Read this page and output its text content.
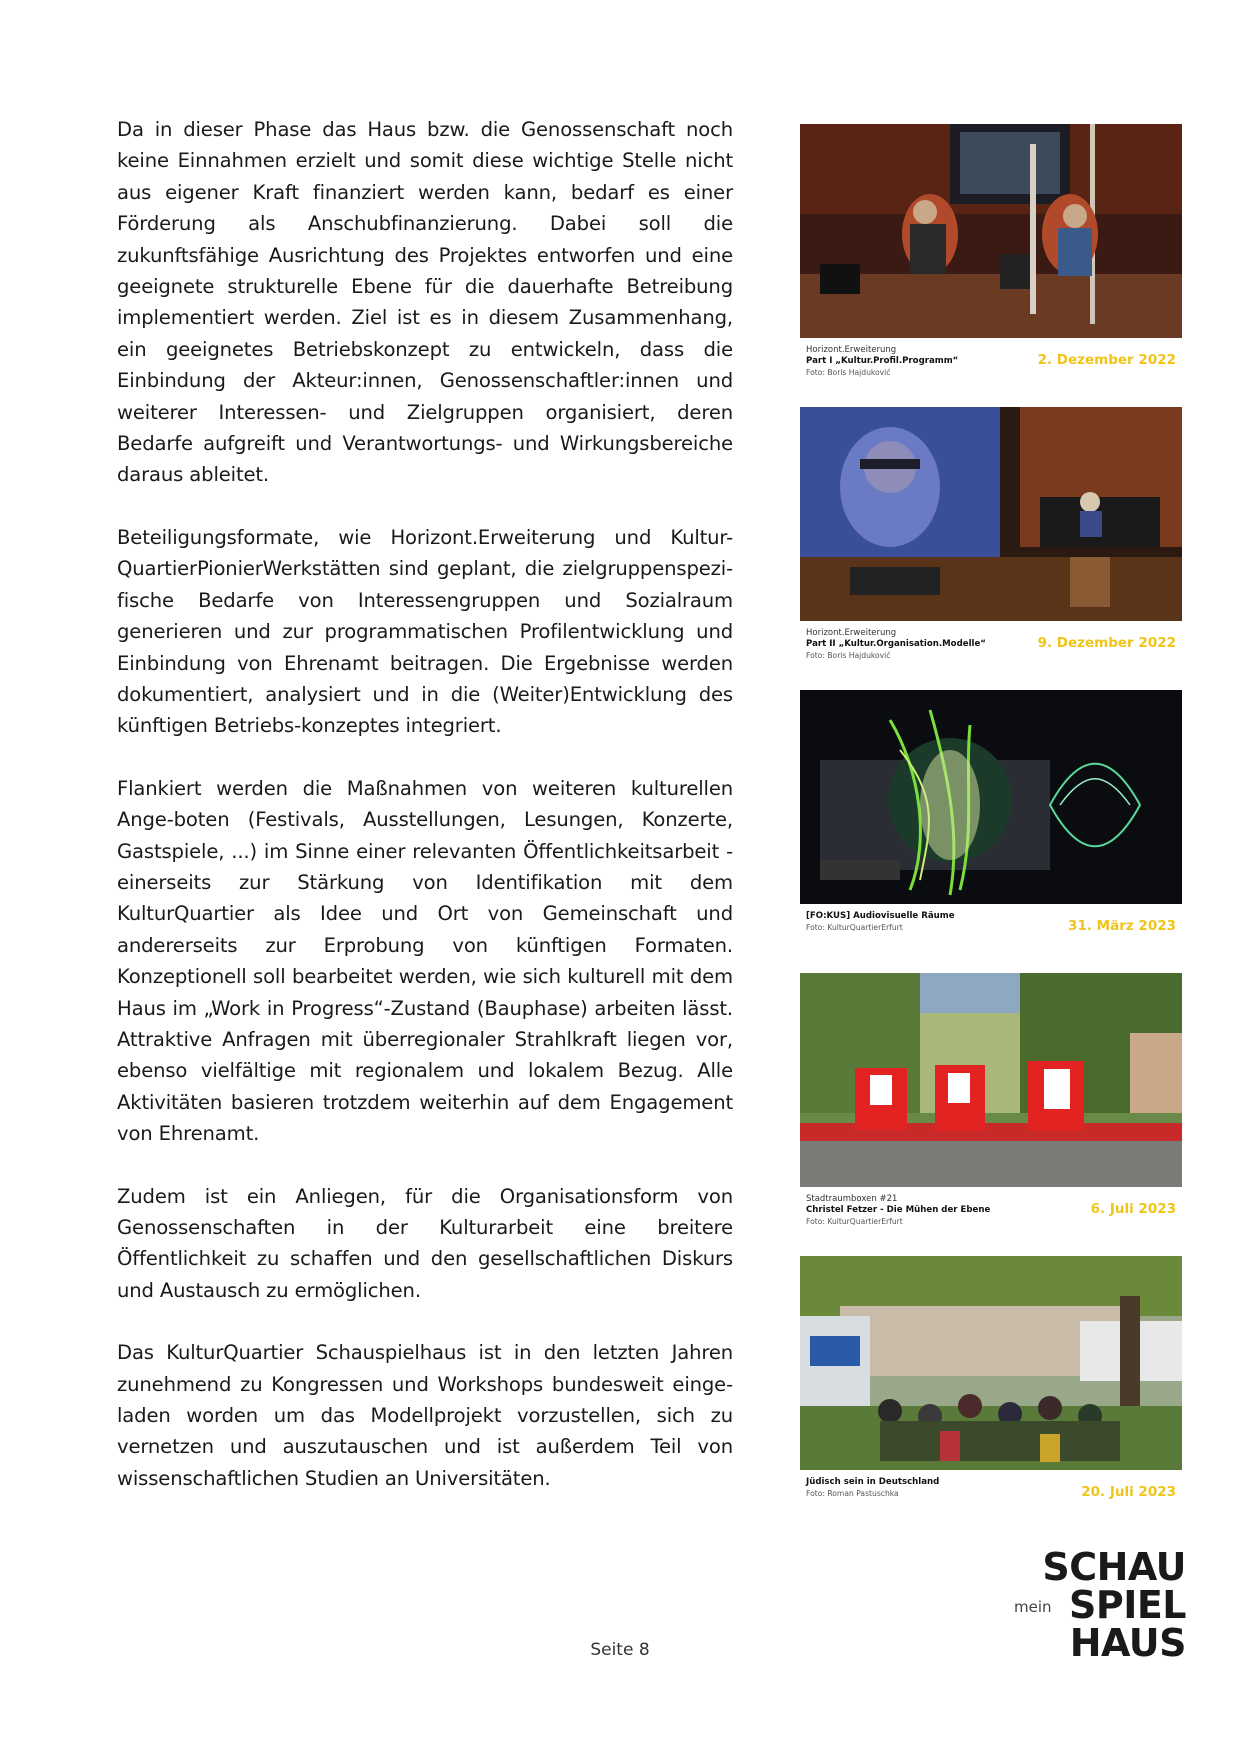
Da in dieser Phase das Haus bzw. die Genossenschaft noch keine Einnahmen erzielt und somit diese wichtige Stelle nicht aus eigener Kraft finanziert werden kann, bedarf es einer Förderung als Anschubfinanzierung. Dabei soll die zukunftsfähige Ausrichtung des Projektes entworfen und eine geeignete strukturelle Ebene für die dauerhafte Betreibung implementiert werden. Ziel ist es in diesem Zusammenhang, ein geeignetes Betriebskonzept zu entwickeln, dass die Einbindung der Akteur:innen, Genossenschaftler:innen und weiterer Interessen- und Zielgruppen organisiert, deren Bedarfe aufgreift und Verantwortungs- und Wirkungsbereiche daraus ableitet.

Beteiligungsformate, wie Horizont.Erweiterung und Kultur-QuartierPionierWerkstätten sind geplant, die zielgruppenspezi-fische Bedarfe von Interessengruppen und Sozialraum generieren und zur programmatischen Profilentwicklung und Einbindung von Ehrenamt beitragen. Die Ergebnisse werden dokumentiert, analysiert und in die (Weiter)Entwicklung des künftigen Betriebs-konzeptes integriert.

Flankiert werden die Maßnahmen von weiteren kulturellen Ange-boten (Festivals, Ausstellungen, Lesungen, Konzerte, Gastspiele, ...) im Sinne einer relevanten Öffentlichkeitsarbeit - einerseits zur Stärkung von Identifikation mit dem KulturQuartier als Idee und Ort von Gemeinschaft und andererseits zur Erprobung von künftigen Formaten. Konzeptionell soll bearbeitet werden, wie sich kulturell mit dem Haus im „Work in Progress“-Zustand (Bauphase) arbeiten lässt. Attraktive Anfragen mit überregionaler Strahlkraft liegen vor, ebenso vielfältige mit regionalem und lokalem Bezug. Alle Aktivitäten basieren trotzdem weiterhin auf dem Engagement von Ehrenamt.

Zudem ist ein Anliegen, für die Organisationsform von Genossenschaften in der Kulturarbeit eine breitere Öffentlichkeit zu schaffen und den gesellschaftlichen Diskurs und Austausch zu ermöglichen.

Das KulturQuartier Schauspielhaus ist in den letzten Jahren zunehmend zu Kongressen und Workshops bundesweit einge-laden worden um das Modellprojekt vorzustellen, sich zu vernetzen und auszutauschen und ist außerdem Teil von wissenschaftlichen Studien an Universitäten.

Horizont.Erweiterung
Part I „Kultur.Profil.Programm“
Foto: Boris Hajduković
2. Dezember 2022
Horizont.Erweiterung
Part II „Kultur.Organisation.Modelle“
Foto: Boris Hajduković
9. Dezember 2022
[FO:KUS] Audiovisuelle Räume
Foto: KulturQuartierErfurt	31. März 2023
Stadtraumboxen #21
Christel Fetzer - Die Mühen der Ebene
Foto: KulturQuartierErfurt
6. Juli 2023
Jüdisch sein in Deutschland
Foto: Roman Pastuschka	20. Juli 2023
SCHAU
mein SPIEL
HAUS
Seite 8
